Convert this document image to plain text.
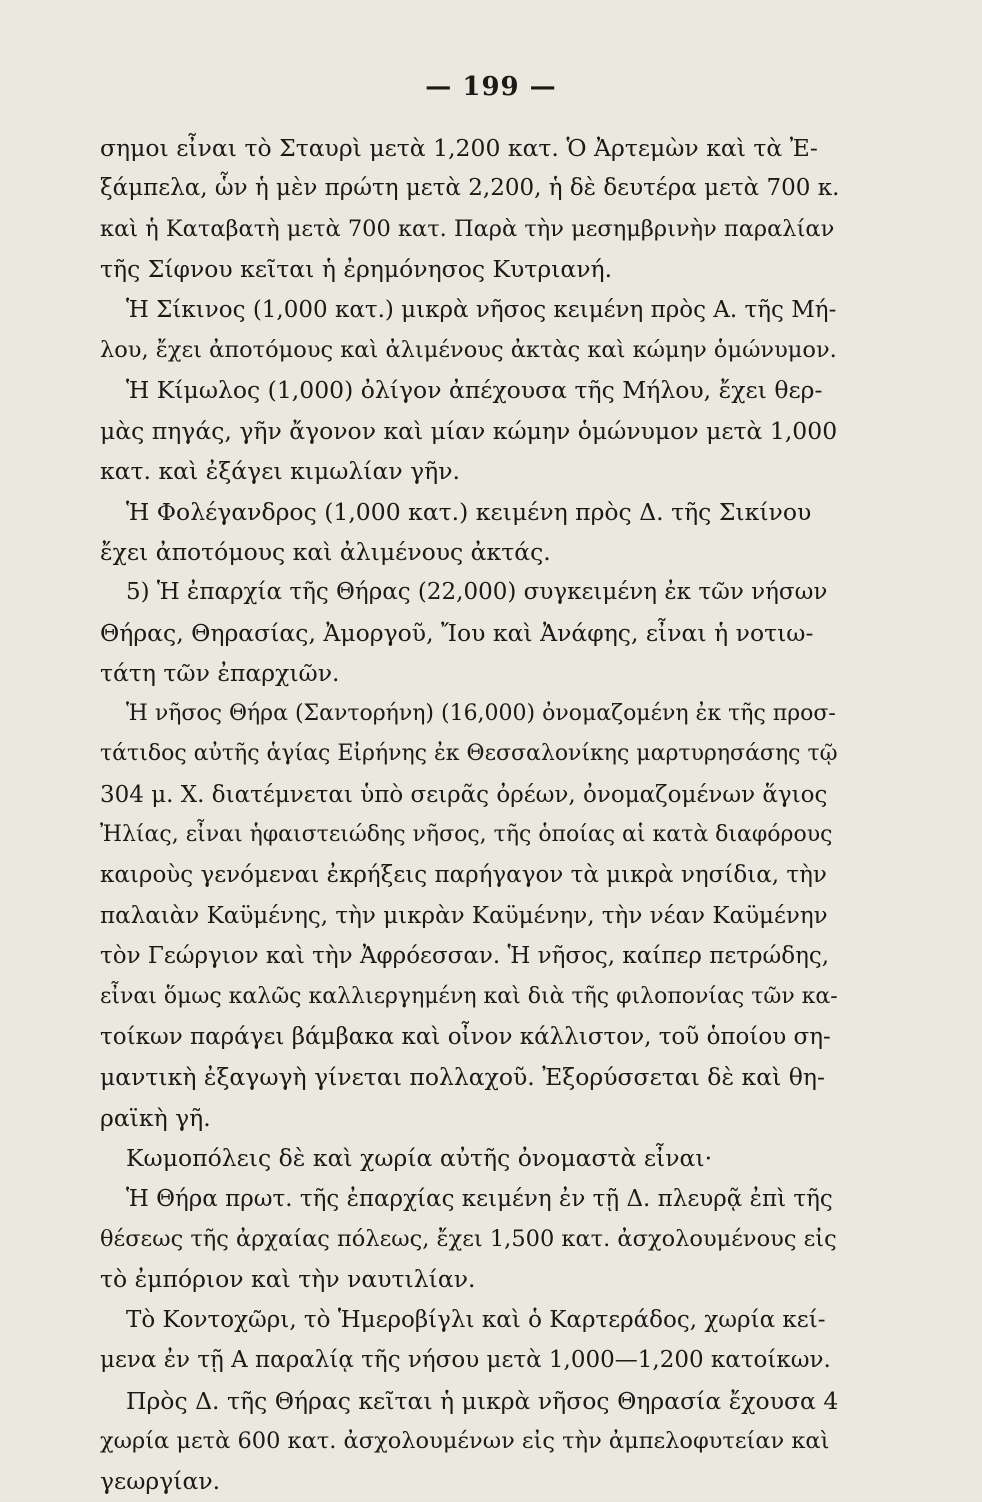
— 199 —
σημοι εἶναι τὸ Σταυρὶ μετὰ 1,200 κατ. Ὁ Ἀρτεμὼν καὶ τὰ Ἐ-
ξάμπελα, ὧν ἡ μὲν πρώτη μετὰ 2,200, ἡ δὲ δευτέρα μετὰ 700 κ.
καὶ ἡ Καταβατὴ μετὰ 700 κατ. Παρὰ τὴν μεσημβρινὴν παραλίαν
τῆς Σίφνου κεῖται ἡ ἐρημόνησος Κυτριανή.
Ἡ Σίκινος (1,000 κατ.) μικρὰ νῆσος κειμένη πρὸς Α. τῆς Μή-
λου, ἔχει ἀποτόμους καὶ ἀλιμένους ἀκτὰς καὶ κώμην ὁμώνυμον.
Ἡ Κίμωλος (1,000) ὀλίγον ἀπέχουσα τῆς Μήλου, ἔχει θερ-
μὰς πηγάς, γῆν ἄγονον καὶ μίαν κώμην ὁμώνυμον μετὰ 1,000
κατ. καὶ ἐξάγει κιμωλίαν γῆν.
Ἡ Φολέγανδρος (1,000 κατ.) κειμένη πρὸς Δ. τῆς Σικίνου
ἔχει ἀποτόμους καὶ ἀλιμένους ἀκτάς.
5) Ἡ ἐπαρχία τῆς Θήρας (22,000) συγκειμένη ἐκ τῶν νήσων
Θήρας, Θηρασίας, Ἀμοργοῦ, Ἴου καὶ Ἀνάφης, εἶναι ἡ νοτιω-
τάτη τῶν ἐπαρχιῶν.
Ἡ νῆσος Θήρα (Σαντορήνη) (16,000) ὀνομαζομένη ἐκ τῆς προσ-
τάτιδος αὐτῆς ἁγίας Εἰρήνης ἐκ Θεσσαλονίκης μαρτυρησάσης τῷ
304 μ. Χ. διατέμνεται ὑπὸ σειρᾶς ὀρέων, ὀνομαζομένων ἅγιος
Ἠλίας, εἶναι ἡφαιστειώδης νῆσος, τῆς ὁποίας αἱ κατὰ διαφόρους
καιροὺς γενόμεναι ἐκρήξεις παρήγαγον τὰ μικρὰ νησίδια, τὴν
παλαιὰν Καϋμένης, τὴν μικρὰν Καϋμένην, τὴν νέαν Καϋμένην
τὸν Γεώργιον καὶ τὴν Ἀφρόεσσαν. Ἡ νῆσος, καίπερ πετρώδης,
εἶναι ὅμως καλῶς καλλιεργημένη καὶ διὰ τῆς φιλοπονίας τῶν κα-
τοίκων παράγει βάμβακα καὶ οἶνον κάλλιστον, τοῦ ὁποίου ση-
μαντικὴ ἐξαγωγὴ γίνεται πολλαχοῦ. Ἐξορύσσεται δὲ καὶ θη-
ραϊκὴ γῆ.
Κωμοπόλεις δὲ καὶ χωρία αὐτῆς ὀνομαστὰ εἶναι·
Ἡ Θήρα πρωτ. τῆς ἐπαρχίας κειμένη ἐν τῇ Δ. πλευρᾷ ἐπὶ τῆς
θέσεως τῆς ἀρχαίας πόλεως, ἔχει 1,500 κατ. ἀσχολουμένους εἰς
τὸ ἐμπόριον καὶ τὴν ναυτιλίαν.
Τὸ Κοντοχῶρι, τὸ Ἡμεροβίγλι καὶ ὁ Καρτεράδος, χωρία κεί-
μενα ἐν τῇ Α παραλίᾳ τῆς νήσου μετὰ 1,000—1,200 κατοίκων.
Πρὸς Δ. τῆς Θήρας κεῖται ἡ μικρὰ νῆσος Θηρασία ἔχουσα 4
χωρία μετὰ 600 κατ. ἀσχολουμένων εἰς τὴν ἀμπελοφυτείαν καὶ
γεωργίαν.
